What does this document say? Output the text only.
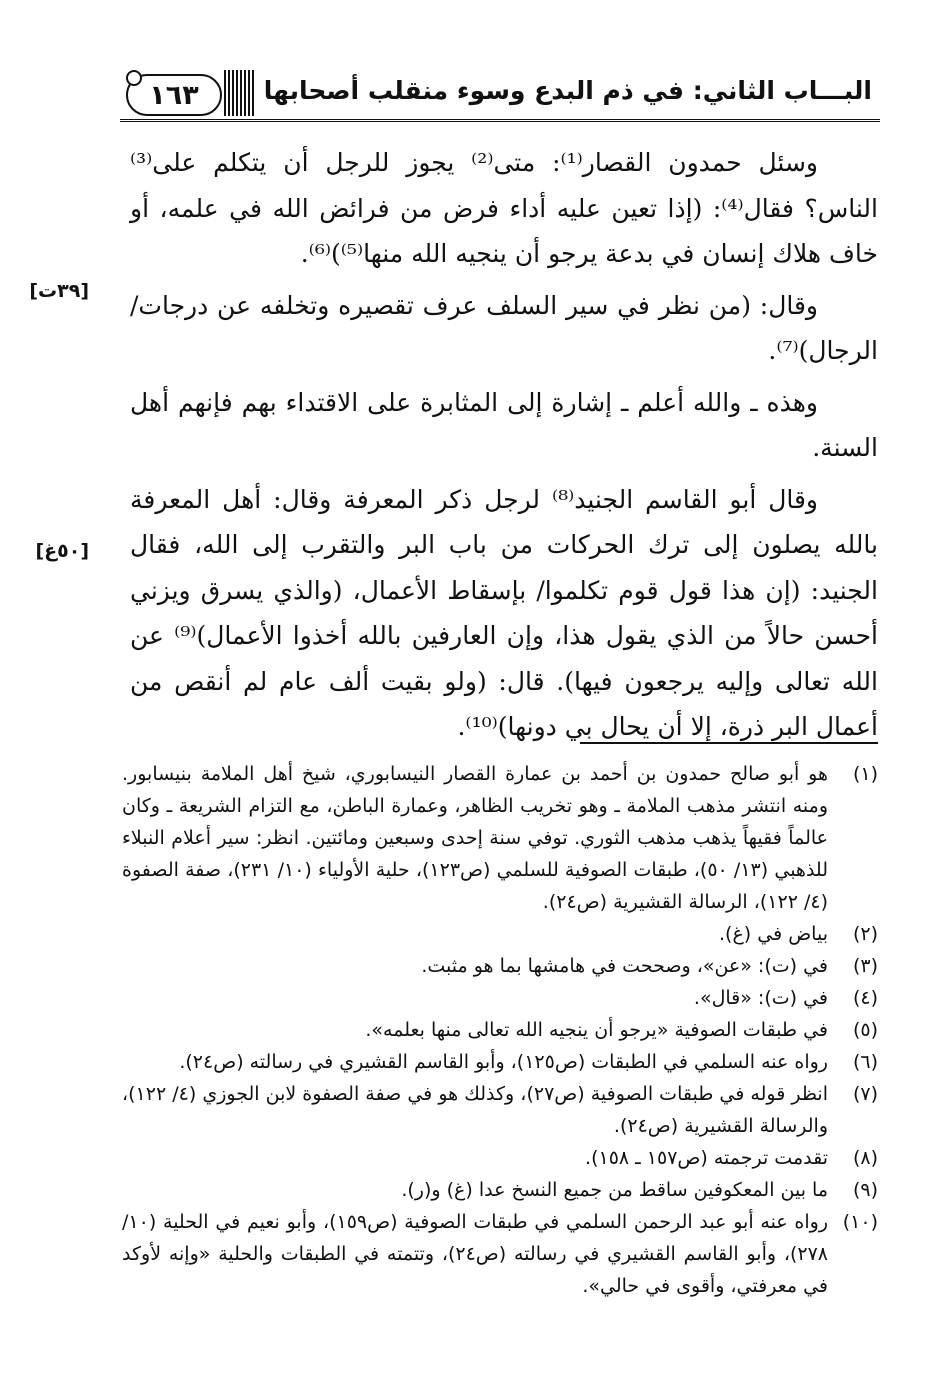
البـــاب الثاني: في ذم البدع وسوء منقلب أصحابها
١٦٣
[٣٩ت]
[٥٠غ]

وسئل حمدون القصار⁽¹⁾: متى⁽²⁾ يجوز للرجل أن يتكلم على⁽³⁾ الناس؟ فقال⁽⁴⁾: (إذا تعين عليه أداء فرض من فرائض الله في علمه، أو خاف هلاك إنسان في بدعة يرجو أن ينجيه الله منها⁽⁵⁾)⁽⁶⁾.

وقال: (من نظر في سير السلف عرف تقصيره وتخلفه عن درجات/ الرجال)⁽⁷⁾.

وهذه ـ والله أعلم ـ إشارة إلى المثابرة على الاقتداء بهم فإنهم أهل السنة.

وقال أبو القاسم الجنيد⁽⁸⁾ لرجل ذكر المعرفة وقال: أهل المعرفة بالله يصلون إلى ترك الحركات من باب البر والتقرب إلى الله، فقال الجنيد: (إن هذا قول قوم تكلموا/ بإسقاط الأعمال، (والذي يسرق ويزني أحسن حالاً من الذي يقول هذا، وإن العارفين بالله أخذوا الأعمال)⁽⁹⁾ عن الله تعالى وإليه يرجعون فيها). قال: (ولو بقيت ألف عام لم أنقص من أعمال البر ذرة، إلا أن يحال بي دونها)⁽¹⁰⁾.

(١)
هو أبو صالح حمدون بن أحمد بن عمارة القصار النيسابوري، شيخ أهل الملامة بنيسابور. ومنه انتشر مذهب الملامة ـ وهو تخريب الظاهر، وعمارة الباطن، مع التزام الشريعة ـ وكان عالماً فقيهاً يذهب مذهب الثوري. توفي سنة إحدى وسبعين ومائتين. انظر: سير أعلام النبلاء للذهبي (١٣/ ٥٠)، طبقات الصوفية للسلمي (ص١٢٣)، حلية الأولياء (١٠/ ٢٣١)، صفة الصفوة (٤/ ١٢٢)، الرسالة القشيرية (ص٢٤).
(٢)
بياض في (غ).
(٣)
في (ت): «عن»، وصححت في هامشها بما هو مثبت.
(٤)
في (ت): «قال».
(٥)
في طبقات الصوفية «يرجو أن ينجيه الله تعالى منها بعلمه».
(٦)
رواه عنه السلمي في الطبقات (ص١٢٥)، وأبو القاسم القشيري في رسالته (ص٢٤).
(٧)
انظر قوله في طبقات الصوفية (ص٢٧)، وكذلك هو في صفة الصفوة لابن الجوزي (٤/ ١٢٢)، والرسالة القشيرية (ص٢٤).
(٨)
تقدمت ترجمته (ص١٥٧ ـ ١٥٨).
(٩)
ما بين المعكوفين ساقط من جميع النسخ عدا (غ) و(ر).
(١٠)
رواه عنه أبو عبد الرحمن السلمي في طبقات الصوفية (ص١٥٩)، وأبو نعيم في الحلية (١٠/ ٢٧٨)، وأبو القاسم القشيري في رسالته (ص٢٤)، وتتمته في الطبقات والحلية «وإنه لأوكد في معرفتي، وأقوى في حالي».
